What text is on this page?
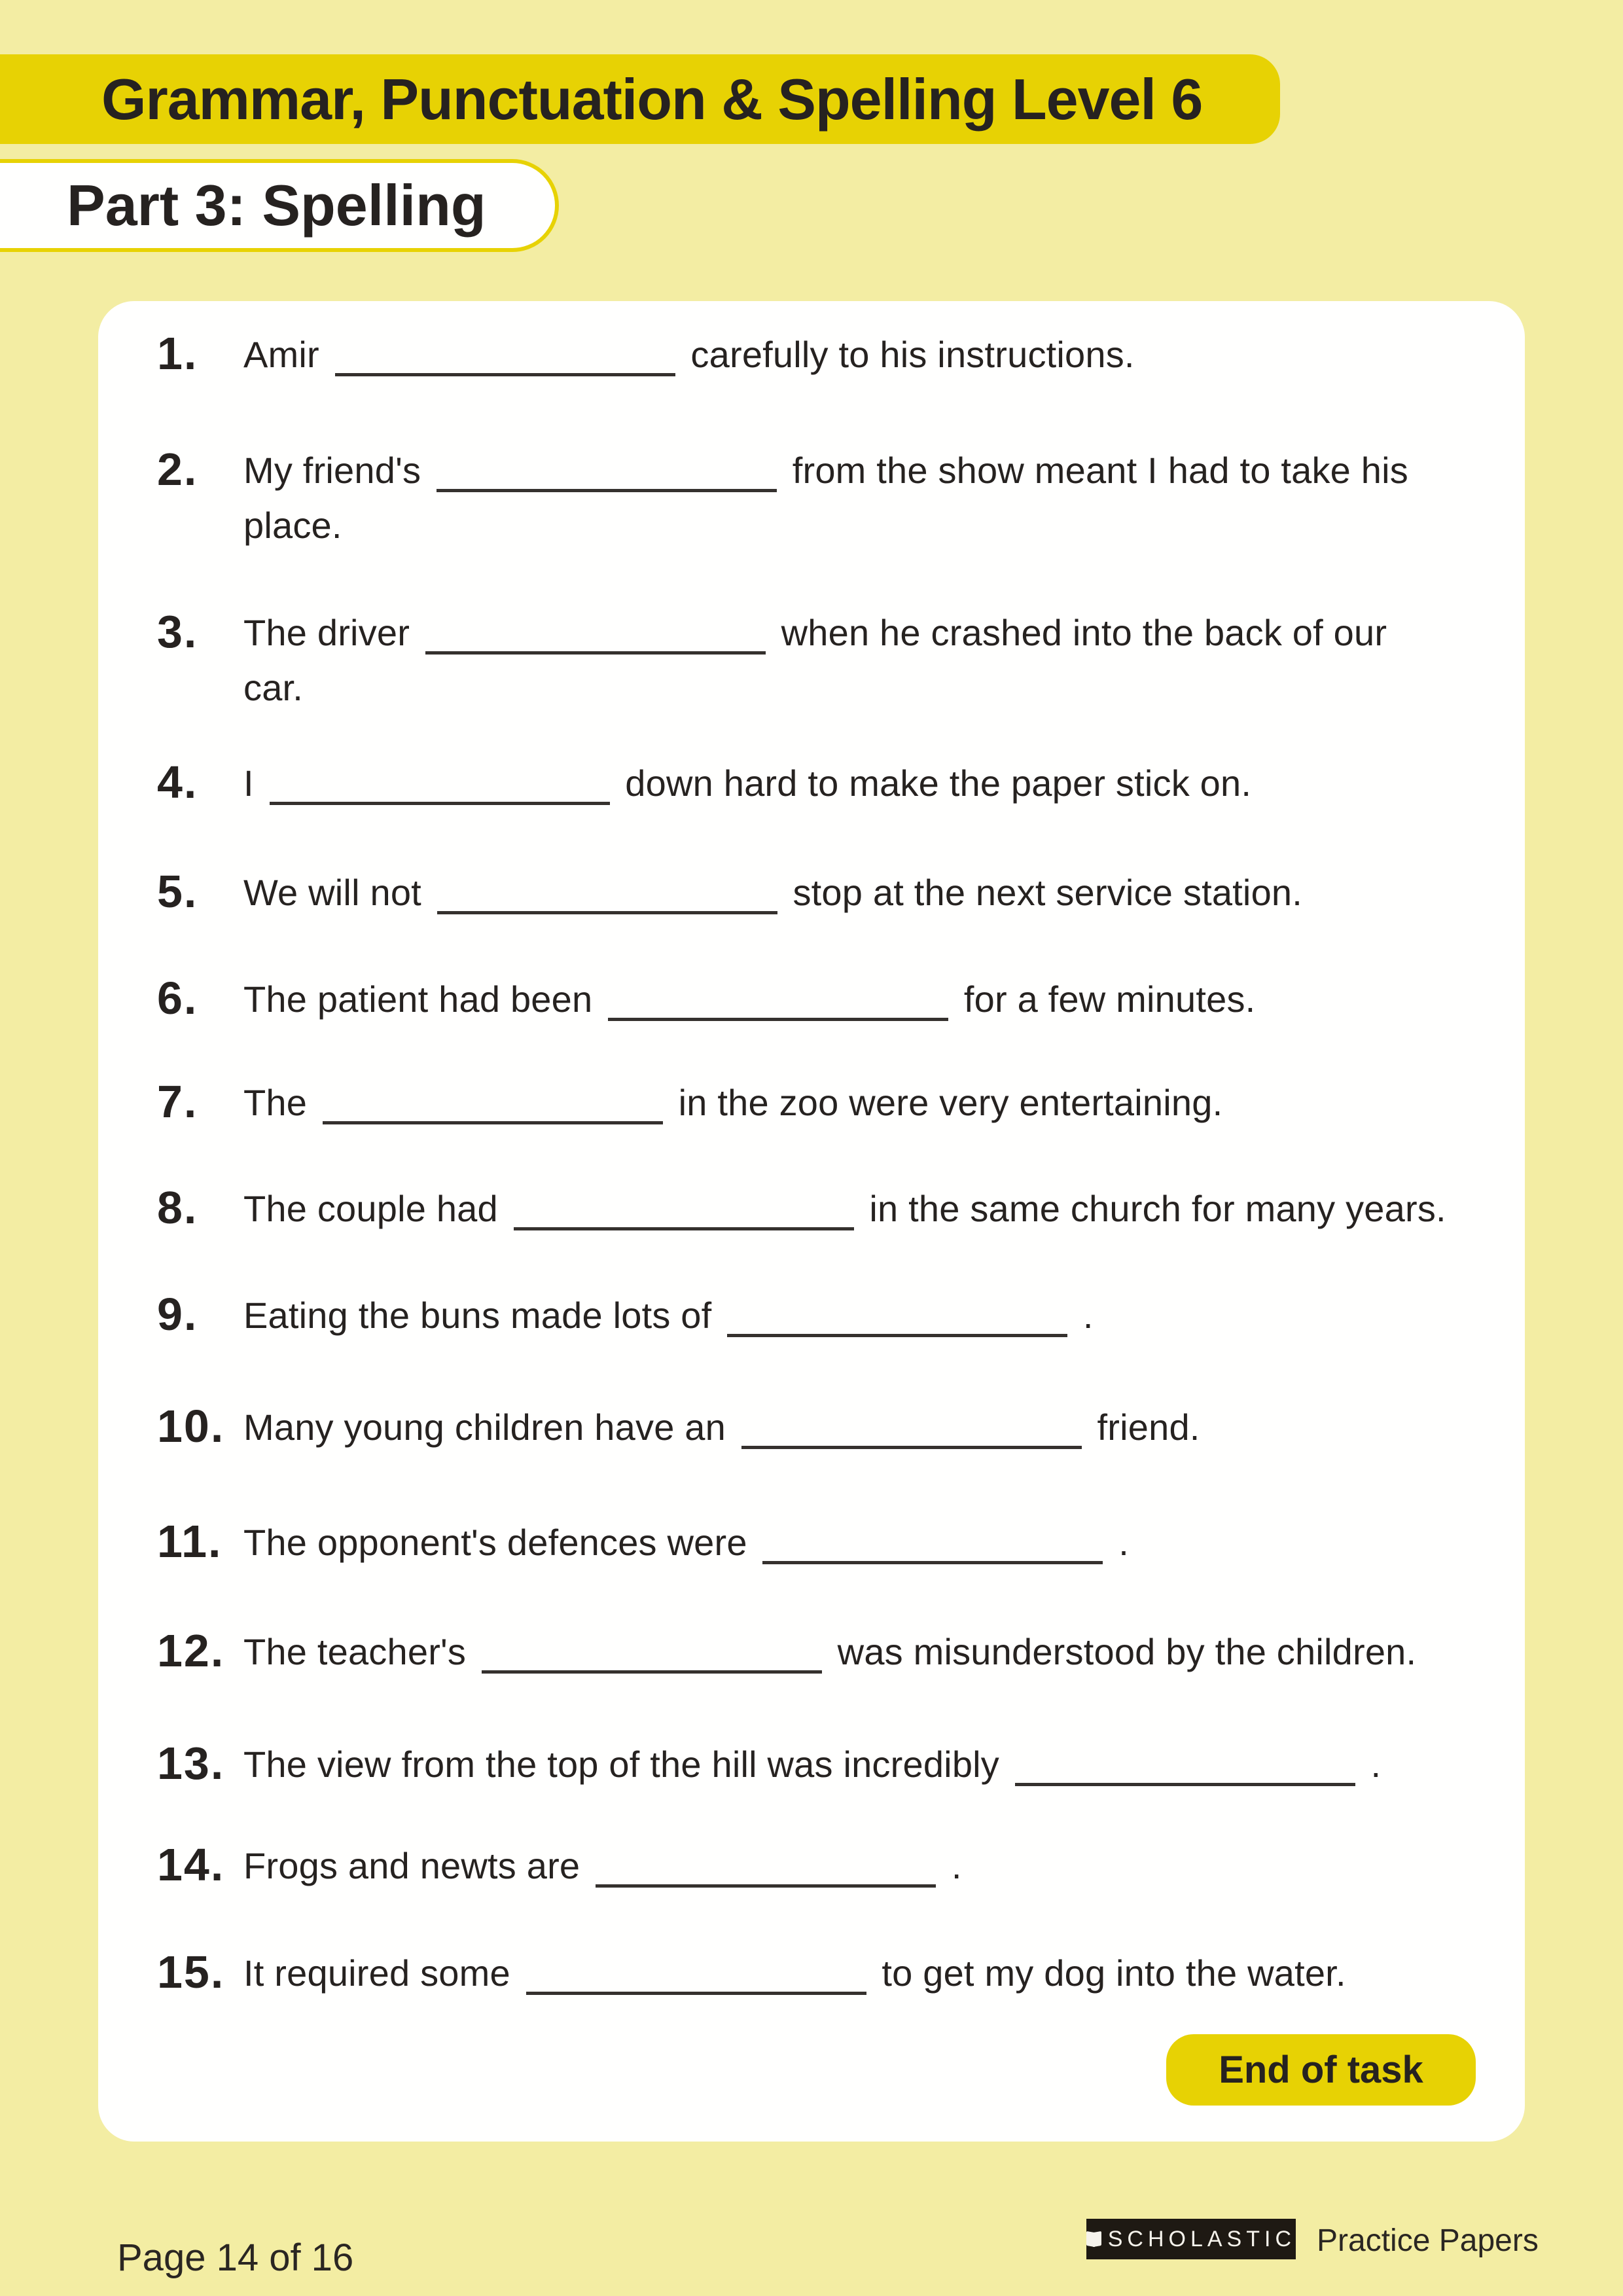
Grammar, Punctuation & Spelling Level 6
Part 3: Spelling
1. Amir	carefully to his instructions.
2. My friend's	from the show meant I had to take his
place.
3. The driver	when he crashed into the back of our
car.
4. I	down hard to make the paper stick on.
5. We will not	stop at the next service station.
6. The patient had been	for a few minutes.
7. The	in the zoo were very entertaining.
8. The couple had	in the same church for many years.
9. Eating the buns made lots of	.
10. Many young children have an	friend.
11. The opponent's defences were	.
12. The teacher's	was misunderstood by the children.
13. The view from the top of the hill was incredibly	.
14. Frogs and newts are	.
15. It required some	to get my dog into the water.
End of task
Page 14 of 16	SCHOLASTIC Practice Papers
